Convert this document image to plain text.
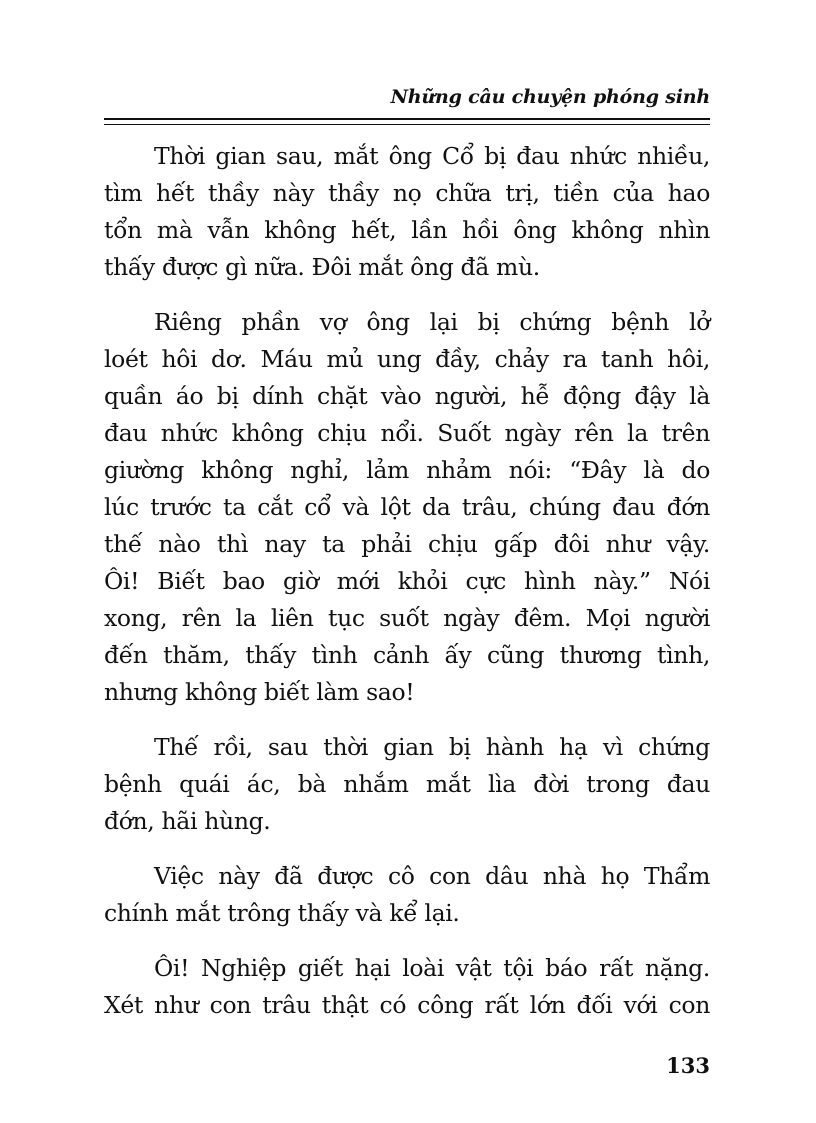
Những câu chuyện phóng sinh
Thời gian sau, mắt ông Cổ bị đau nhức nhiều,
tìm hết thầy này thầy nọ chữa trị, tiền của hao
tổn mà vẫn không hết, lần hồi ông không nhìn
thấy được gì nữa. Đôi mắt ông đã mù.
Riêng phần vợ ông lại bị chứng bệnh lở
loét hôi dơ. Máu mủ ung đầy, chảy ra tanh hôi,
quần áo bị dính chặt vào người, hễ động đậy là
đau nhức không chịu nổi. Suốt ngày rên la trên
giường không nghỉ, lảm nhảm nói: “Đây là do
lúc trước ta cắt cổ và lột da trâu, chúng đau đớn
thế nào thì nay ta phải chịu gấp đôi như vậy.
Ôi! Biết bao giờ mới khỏi cực hình này.” Nói
xong, rên la liên tục suốt ngày đêm. Mọi người
đến thăm, thấy tình cảnh ấy cũng thương tình,
nhưng không biết làm sao!
Thế rồi, sau thời gian bị hành hạ vì chứng
bệnh quái ác, bà nhắm mắt lìa đời trong đau
đớn, hãi hùng.
Việc này đã được cô con dâu nhà họ Thẩm
chính mắt trông thấy và kể lại.
Ôi! Nghiệp giết hại loài vật tội báo rất nặng.
Xét như con trâu thật có công rất lớn đối với con
133
